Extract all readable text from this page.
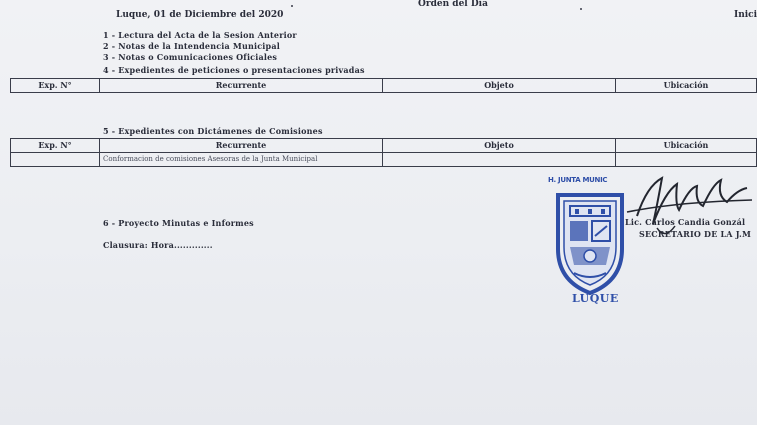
Orden del Día
Luque, 01 de Diciembre del 2020	Inici
1 - Lectura del Acta de la Sesion Anterior
2 - Notas de la Intendencia Municipal
3 - Notas o Comunicaciones Oficiales
4 - Expedientes de peticiones o presentaciones privadas
Exp. N°	Recurrente	Objeto	Ubicación
5 - Expedientes con Dictámenes de Comisiones
Exp. N°	Recurrente	Objeto	Ubicación
	Conformacion de comisiones Asesoras de la Junta Municipal		
6 - Proyecto Minutas e Informes
Clausura: Hora.............
H. JUNTA MUNIC
LUQUE
Lic. Carlos Candia Gonzál
SECRETARIO DE LA J.M
